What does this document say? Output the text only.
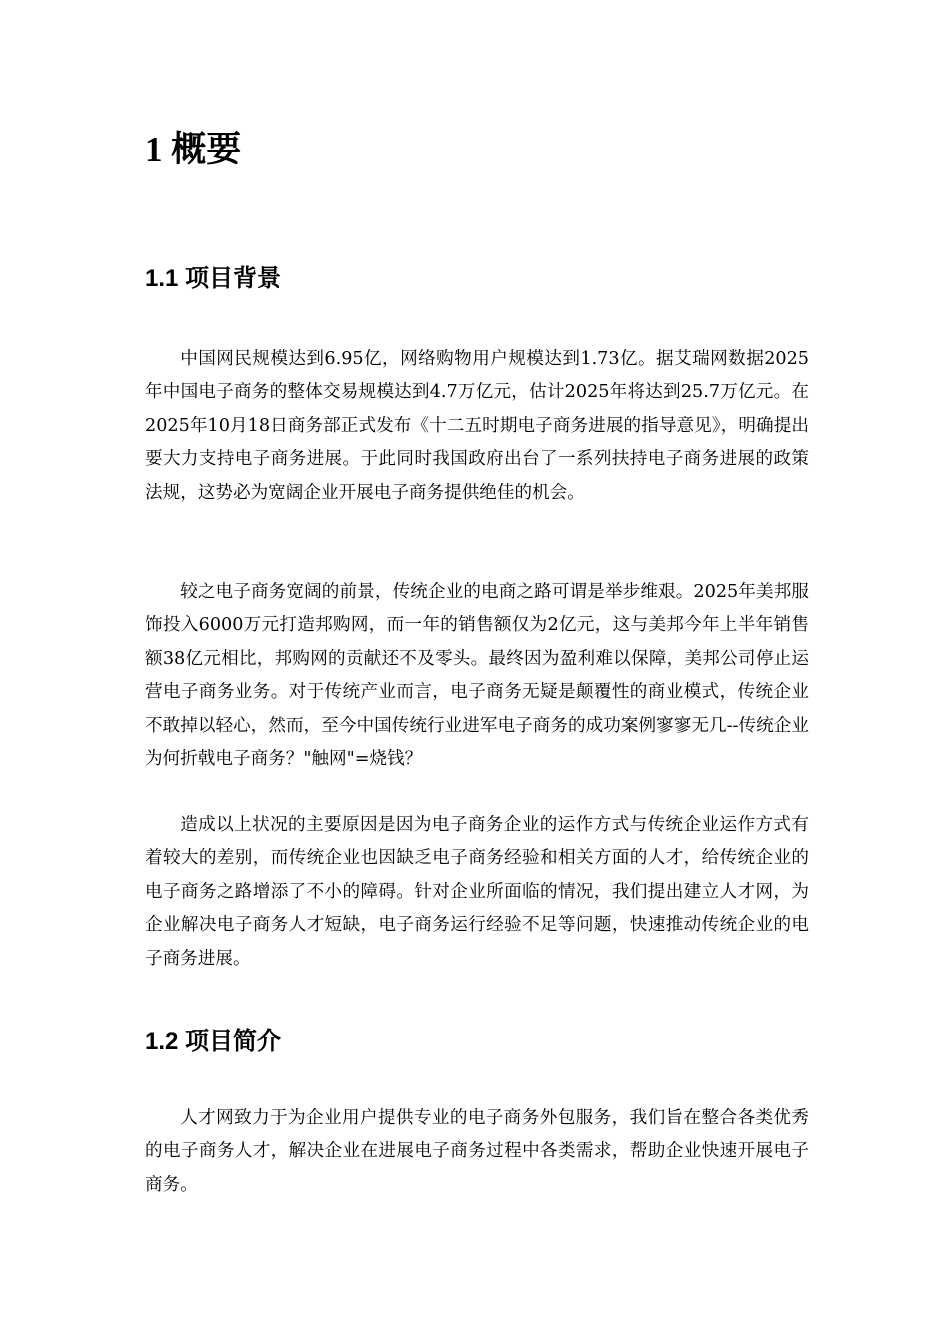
1 概要
1.1 项目背景

中国网民规模达到6.95亿，网络购物用户规模达到1.73亿。据艾瑞网数据2025年中国电子商务的整体交易规模达到4.7万亿元，估计2025年将达到25.7万亿元。在2025年10月18日商务部正式发布《十二五时期电子商务进展的指导意见》，明确提出要大力支持电子商务进展。于此同时我国政府出台了一系列扶持电子商务进展的政策法规，这势必为宽阔企业开展电子商务提供绝佳的机会。

较之电子商务宽阔的前景，传统企业的电商之路可谓是举步维艰。2025年美邦服饰投入6000万元打造邦购网，而一年的销售额仅为2亿元，这与美邦今年上半年销售额38亿元相比，邦购网的贡献还不及零头。最终因为盈利难以保障，美邦公司停止运营电子商务业务。对于传统产业而言，电子商务无疑是颠覆性的商业模式，传统企业不敢掉以轻心，然而，至今中国传统行业进军电子商务的成功案例寥寥无几--传统企业为何折戟电子商务？"触网"=烧钱？

造成以上状况的主要原因是因为电子商务企业的运作方式与传统企业运作方式有着较大的差别，而传统企业也因缺乏电子商务经验和相关方面的人才，给传统企业的电子商务之路增添了不小的障碍。针对企业所面临的情况，我们提出建立人才网，为企业解决电子商务人才短缺，电子商务运行经验不足等问题，快速推动传统企业的电子商务进展。

1.2 项目简介

人才网致力于为企业用户提供专业的电子商务外包服务，我们旨在整合各类优秀的电子商务人才，解决企业在进展电子商务过程中各类需求，帮助企业快速开展电子商务。
